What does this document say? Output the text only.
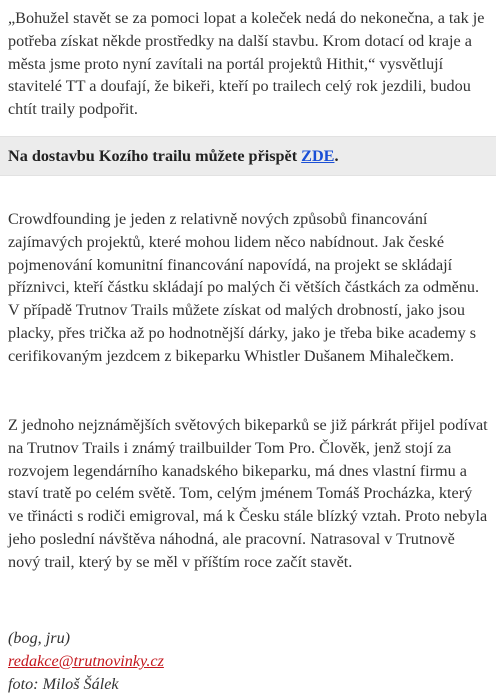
„Bohužel stavět se za pomoci lopat a koleček nedá do nekonečna, a tak je potřeba získat někde prostředky na další stavbu. Krom dotací od kraje a města jsme proto nyní zavítali na portál projektů Hithit,“ vysvětlují stavitelé TT a doufají, že bikeři, kteří po trailech celý rok jezdili, budou chtít traily podpořit.

Na dostavbu Kozího trailu můžete přispět ZDE.

Crowdfounding je jeden z relativně nových způsobů financování zajímavých projektů, které mohou lidem něco nabídnout. Jak české pojmenování komunitní financování napovídá, na projekt se skládají příznivci, kteří částku skládají po malých či větších částkách za odměnu. V případě Trutnov Trails můžete získat od malých drobností, jako jsou placky, přes trička až po hodnotnější dárky, jako je třeba bike academy s cerifikovaným jezdcem z bikeparku Whistler Dušanem Mihalečkem.

Z jednoho nejznámějších světových bikeparků se již párkrát přijel podívat na Trutnov Trails i známý trailbuilder Tom Pro. Člověk, jenž stojí za rozvojem legendárního kanadského bikeparku, má dnes vlastní firmu a staví tratě po celém světě. Tom, celým jménem Tomáš Procházka, který ve třinácti s rodiči emigroval, má k Česku stále blízký vztah. Proto nebyla jeho poslední návštěva náhodná, ale pracovní. Natrasoval v Trutnově nový trail, který by se měl v příštím roce začít stavět.

(bog, jru)
redakce@trutnovinky.cz
foto: Miloš Šálek
